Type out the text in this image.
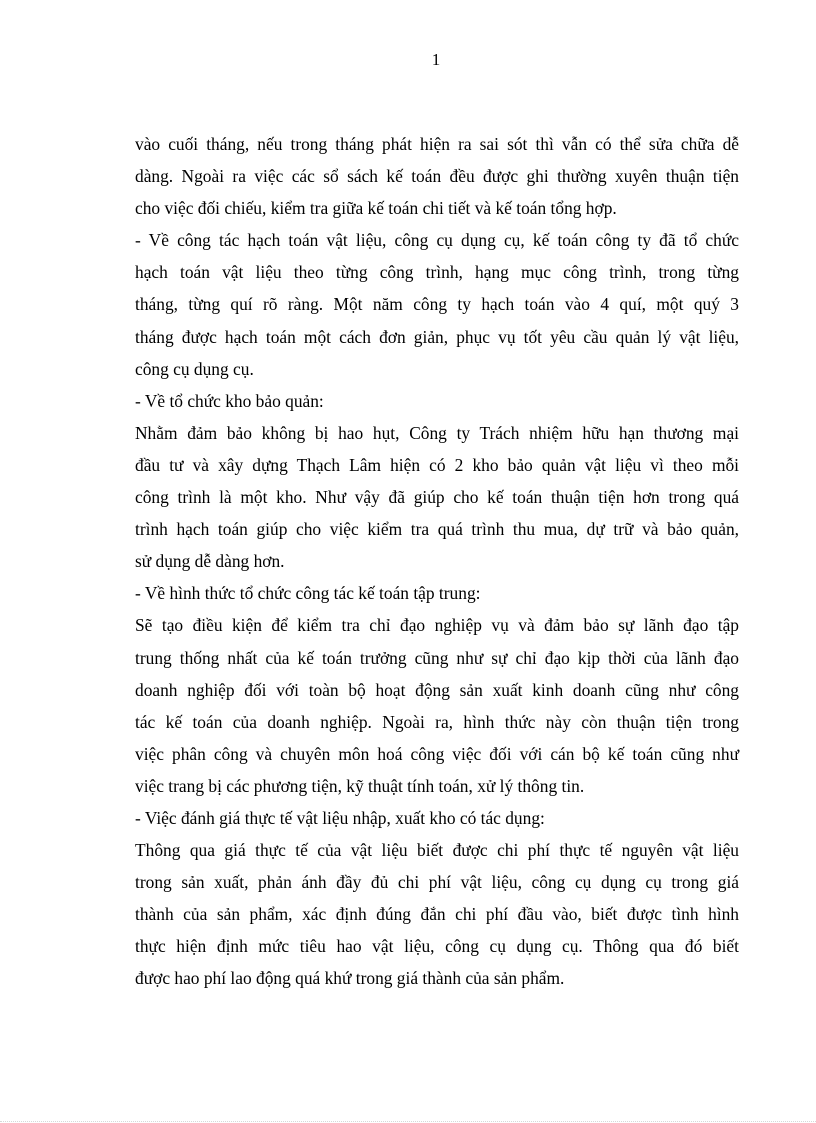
1
vào cuối tháng, nếu trong tháng phát hiện ra sai sót thì vẫn có thể sửa chữa dễ
dàng. Ngoài ra việc các sổ sách kế toán đều được ghi thường xuyên thuận tiện
cho việc đối chiếu, kiểm tra giữa kế toán chi tiết và kế toán tổng hợp.
- Về công tác hạch toán vật liệu, công cụ dụng cụ, kế toán công ty đã tổ chức
hạch toán vật liệu theo từng công trình, hạng mục công trình, trong từng
tháng, từng quí rõ ràng. Một năm công ty hạch toán vào 4 quí, một quý 3
tháng được hạch toán một cách đơn giản, phục vụ tốt yêu cầu quản lý vật liệu,
công cụ dụng cụ.
- Về tổ chức kho bảo quản:
Nhằm đảm bảo không bị hao hụt, Công ty Trách nhiệm hữu hạn thương mại
đầu tư và xây dựng Thạch Lâm hiện có 2 kho bảo quản vật liệu vì theo mỗi
công trình là một kho. Như vậy đã giúp cho kế toán thuận tiện hơn trong quá
trình hạch toán giúp cho việc kiểm tra quá trình thu mua, dự trữ và bảo quản,
sử dụng dễ dàng hơn.
- Về hình thức tổ chức công tác kế toán tập trung:
Sẽ tạo điều kiện để kiểm tra chỉ đạo nghiệp vụ và đảm bảo sự lãnh đạo tập
trung thống nhất của kế toán trưởng cũng như sự chỉ đạo kịp thời của lãnh đạo
doanh nghiệp đối với toàn bộ hoạt động sản xuất kinh doanh cũng như công
tác kế toán của doanh nghiệp. Ngoài ra, hình thức này còn thuận tiện trong
việc phân công và chuyên môn hoá công việc đối với cán bộ kế toán cũng như
việc trang bị các phương tiện, kỹ thuật tính toán, xử lý thông tin.
- Việc đánh giá thực tế vật liệu nhập, xuất kho có tác dụng:
Thông qua giá thực tế của vật liệu biết được chi phí thực tế nguyên vật liệu
trong sản xuất, phản ánh đầy đủ chi phí vật liệu, công cụ dụng cụ trong giá
thành của sản phẩm, xác định đúng đắn chi phí đầu vào, biết được tình hình
thực hiện định mức tiêu hao vật liệu, công cụ dụng cụ. Thông qua đó biết
được hao phí lao động quá khứ trong giá thành của sản phẩm.
